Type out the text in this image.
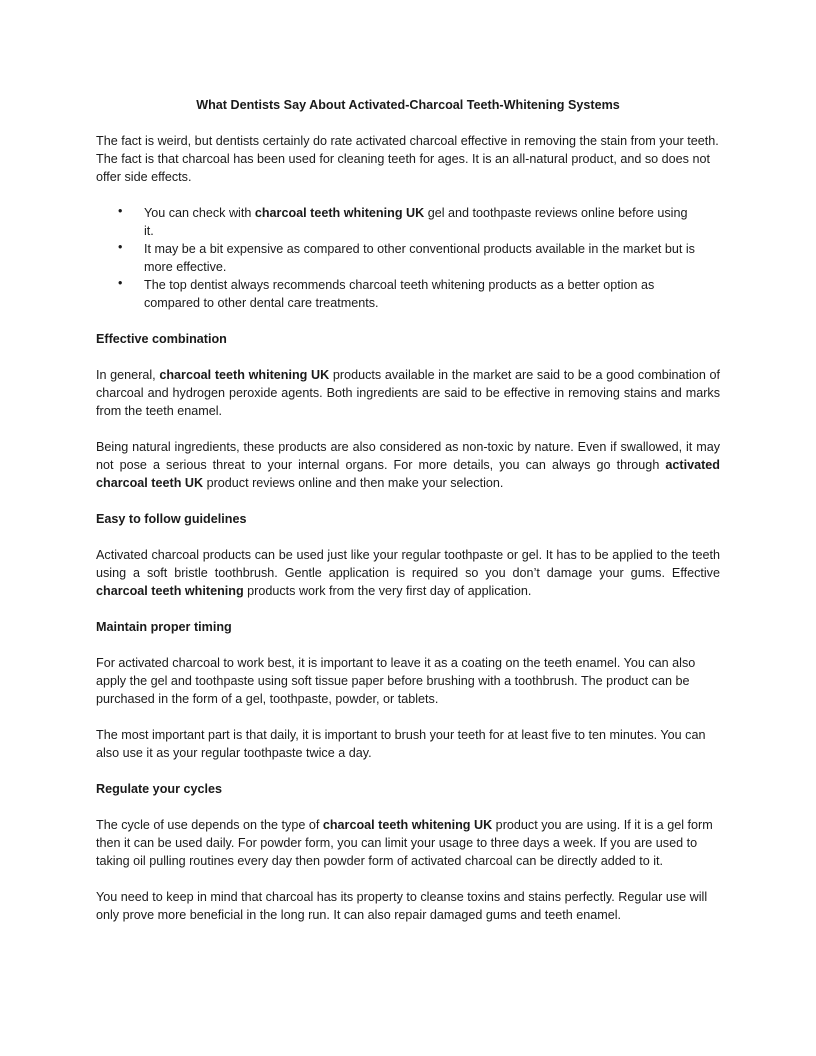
What Dentists Say About Activated-Charcoal Teeth-Whitening Systems

The fact is weird, but dentists certainly do rate activated charcoal effective in removing the stain from your teeth. The fact is that charcoal has been used for cleaning teeth for ages. It is an all-natural product, and so does not offer side effects.

• You can check with charcoal teeth whitening UK gel and toothpaste reviews online before using it.
• It may be a bit expensive as compared to other conventional products available in the market but is more effective.
• The top dentist always recommends charcoal teeth whitening products as a better option as compared to other dental care treatments.
Effective combination

In general, charcoal teeth whitening UK products available in the market are said to be a good combination of charcoal and hydrogen peroxide agents. Both ingredients are said to be effective in removing stains and marks from the teeth enamel.

Being natural ingredients, these products are also considered as non-toxic by nature. Even if swallowed, it may not pose a serious threat to your internal organs. For more details, you can always go through activated charcoal teeth UK product reviews online and then make your selection.

Easy to follow guidelines

Activated charcoal products can be used just like your regular toothpaste or gel. It has to be applied to the teeth using a soft bristle toothbrush. Gentle application is required so you don’t damage your gums. Effective charcoal teeth whitening products work from the very first day of application.

Maintain proper timing

For activated charcoal to work best, it is important to leave it as a coating on the teeth enamel. You can also apply the gel and toothpaste using soft tissue paper before brushing with a toothbrush. The product can be purchased in the form of a gel, toothpaste, powder, or tablets.

The most important part is that daily, it is important to brush your teeth for at least five to ten minutes. You can also use it as your regular toothpaste twice a day.

Regulate your cycles

The cycle of use depends on the type of charcoal teeth whitening UK product you are using. If it is a gel form then it can be used daily. For powder form, you can limit your usage to three days a week. If you are used to taking oil pulling routines every day then powder form of activated charcoal can be directly added to it.

You need to keep in mind that charcoal has its property to cleanse toxins and stains perfectly. Regular use will only prove more beneficial in the long run. It can also repair damaged gums and teeth enamel.
